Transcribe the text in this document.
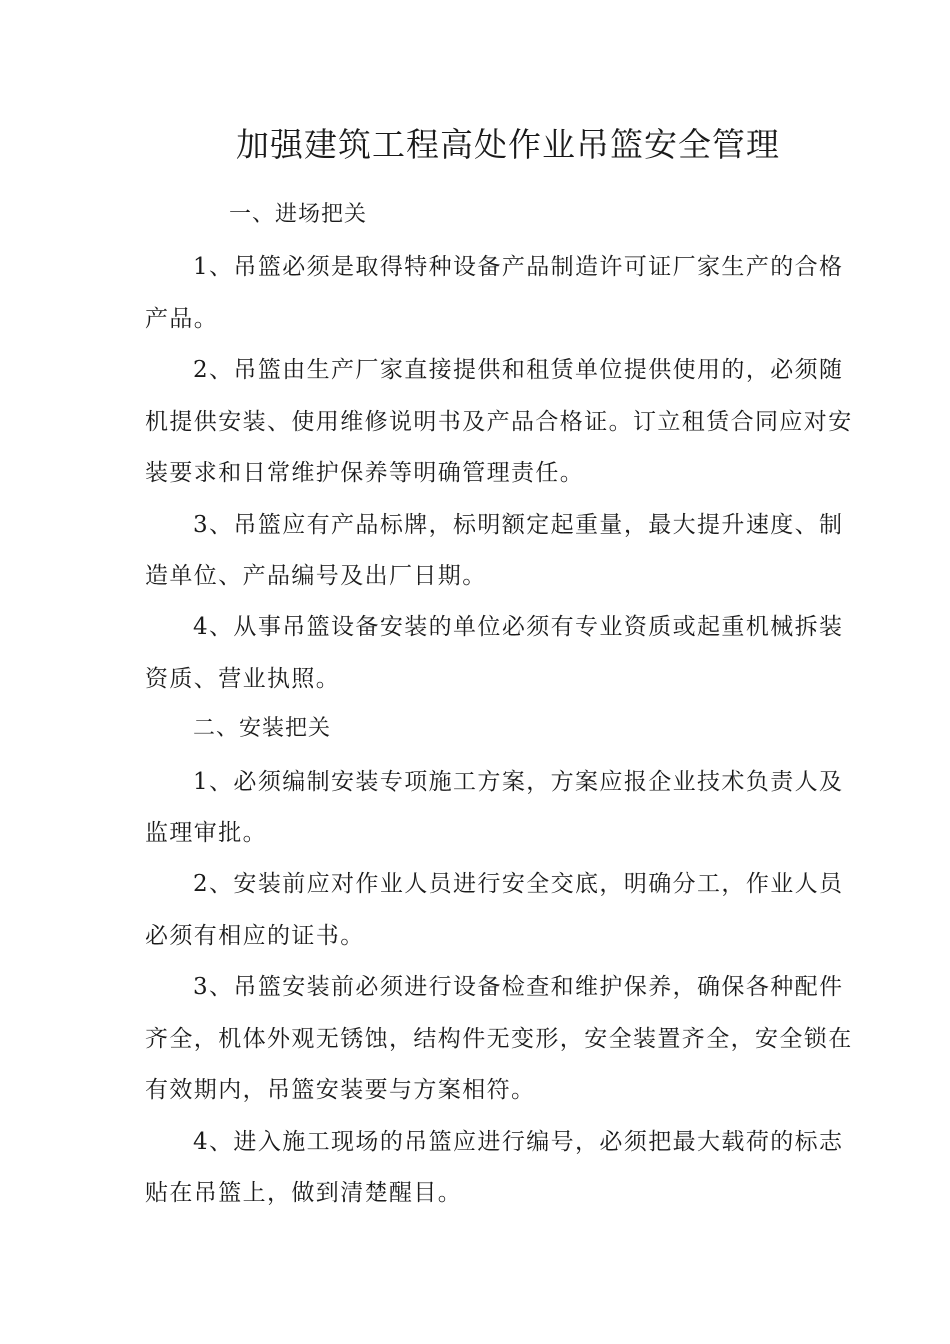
加强建筑工程高处作业吊篮安全管理
一、进场把关
1、吊篮必须是取得特种设备产品制造许可证厂家生产的合格
产品。
2、吊篮由生产厂家直接提供和租赁单位提供使用的，必须随
机提供安装、使用维修说明书及产品合格证。订立租赁合同应对安
装要求和日常维护保养等明确管理责任。
3、吊篮应有产品标牌，标明额定起重量，最大提升速度、制
造单位、产品编号及出厂日期。
4、从事吊篮设备安装的单位必须有专业资质或起重机械拆装
资质、营业执照。
二、安装把关
1、必须编制安装专项施工方案，方案应报企业技术负责人及
监理审批。
2、安装前应对作业人员进行安全交底，明确分工，作业人员
必须有相应的证书。
3、吊篮安装前必须进行设备检查和维护保养，确保各种配件
齐全，机体外观无锈蚀，结构件无变形，安全装置齐全，安全锁在
有效期内，吊篮安装要与方案相符。
4、进入施工现场的吊篮应进行编号，必须把最大载荷的标志
贴在吊篮上，做到清楚醒目。
